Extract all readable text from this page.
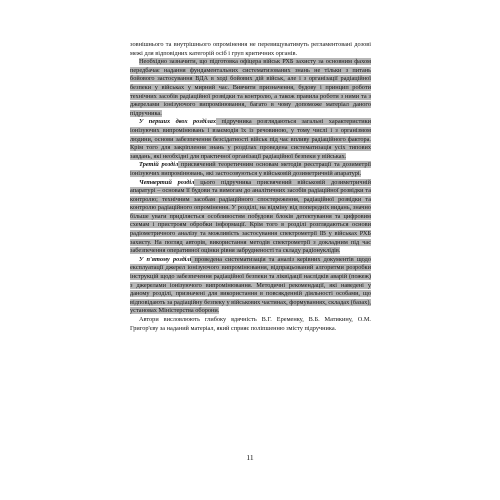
зовнішнього та внутрішнього опромінення не перевищуватимуть регламентовані дозові межі для відповідних категорій осіб і груп критичних органів.

Необхідно зазначити, що підготовка офіцера військ РХБ захисту за основним фахом передбачає надання фундаментальних систематизованих знань не тільки з питань бойового застосування ВДА в ході бойових дій військ, але і з організації радіаційної безпеки у військах у мирний час. Вивчити призначення, будову і принцип роботи технічних засобів радіаційної розвідки та контролю, а також правила роботи з ними та з джерелами іонізуючого випромінювання, багато в чому допоможе матеріал даного підручника.

У перших двох розділах підручника розглядаються загальні характеристики іонізуючих випромінювань і взаємодія їх із речовиною, у тому числі і з організмом людини, основи забезпечення безсідатності військ під час впливу радіаційного фактора. Крім того для закріплення знань у розділах проведена систематизація усіх типових завдань, які необхідні для практичної організації радіаційної безпеки у військах.

Третій розділ присвячений теоретичним основам методів реєстрації та дозиметрії іонізуючих випромінювань, які застосовуються у військовій дозиметричній апаратурі.

Четвертий розділ цього підручника присвячений військовій дозиметричній апаратурі – основам її будови та вимогам до аналітичних засобів радіаційної розвідки та контролю; технічним засобам радіаційного спостереження, радіаційної розвідки та контролю радіаційного опромінення. У розділі, на відміну від попередніх видань, значно більше уваги приділяється особливостям побудови блоків детектування та цифровим схемам і пристроям обробки інформації. Крім того в розділі розглядаються основи радіометричного аналізу та можливість застосування спектрометрії ІВ у військах РХБ захисту. На погляд авторів, використання методів спектрометрії з докладним під час забезпечення оперативної оцінки рівня забрудненості та складу радіонуклідів.

У п'ятому розділі проведена систематизація та аналіз керівних документів щодо експлуатації джерел іонізуючого випромінювання, відпрацьований алгоритми розробки інструкцій щодо забезпечення радіаційної безпеки та ліквідації наслідків аварій (пожеж) з джерелами іонізуючого випромінювання. Методичні рекомендації, які наведені у даному розділі, призначені для використання в повсякденній діяльності особами, що відповідають за радіаційну безпеку у військових частинах, формуваннях, складах (базах), установах Міністерства оборони.

Автори висловлюють глибоку вдячність В.Г. Еременку, В.Б. Матикину, О.М. Григор'єву за наданий матеріал, який сприяє поліпшенню змісту підручника.

11
